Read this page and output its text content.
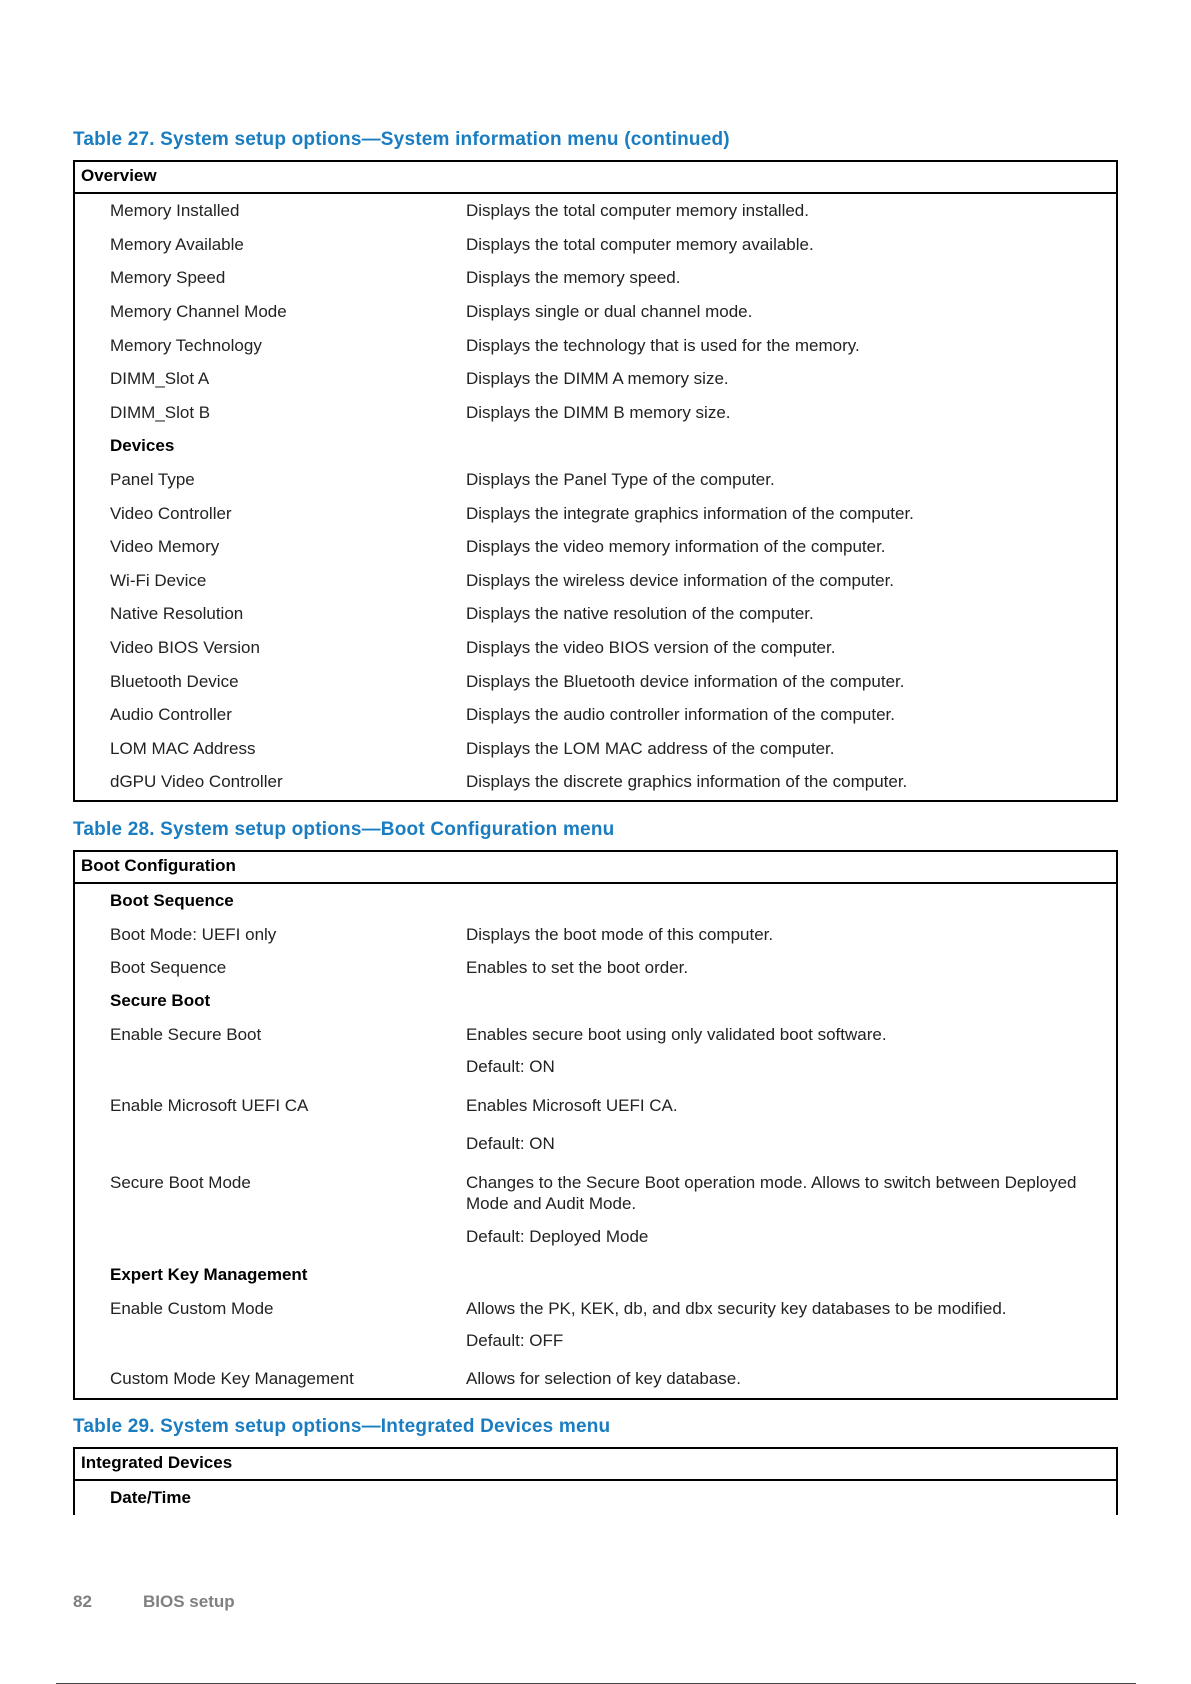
Table 27. System setup options—System information menu (continued)
Overview
Memory Installed	Displays the total computer memory installed.
Memory Available	Displays the total computer memory available.
Memory Speed	Displays the memory speed.
Memory Channel Mode	Displays single or dual channel mode.
Memory Technology	Displays the technology that is used for the memory.
DIMM_Slot A	Displays the DIMM A memory size.
DIMM_Slot B	Displays the DIMM B memory size.
Devices
Panel Type	Displays the Panel Type of the computer.
Video Controller	Displays the integrate graphics information of the computer.
Video Memory	Displays the video memory information of the computer.
Wi-Fi Device	Displays the wireless device information of the computer.
Native Resolution	Displays the native resolution of the computer.
Video BIOS Version	Displays the video BIOS version of the computer.
Bluetooth Device	Displays the Bluetooth device information of the computer.
Audio Controller	Displays the audio controller information of the computer.
LOM MAC Address	Displays the LOM MAC address of the computer.
dGPU Video Controller	Displays the discrete graphics information of the computer.
Table 28. System setup options—Boot Configuration menu
Boot Configuration
Boot Sequence
Boot Mode: UEFI only	Displays the boot mode of this computer.
Boot Sequence	Enables to set the boot order.
Secure Boot
Enable Secure Boot	Enables secure boot using only validated boot software.
Default: ON
Enable Microsoft UEFI CA	Enables Microsoft UEFI CA.
Default: ON
Secure Boot Mode	Changes to the Secure Boot operation mode. Allows to switch between Deployed Mode and Audit Mode.
Default: Deployed Mode
Expert Key Management
Enable Custom Mode	Allows the PK, KEK, db, and dbx security key databases to be modified.
Default: OFF
Custom Mode Key Management	Allows for selection of key database.
Table 29. System setup options—Integrated Devices menu
Integrated Devices
Date/Time
82	BIOS setup
